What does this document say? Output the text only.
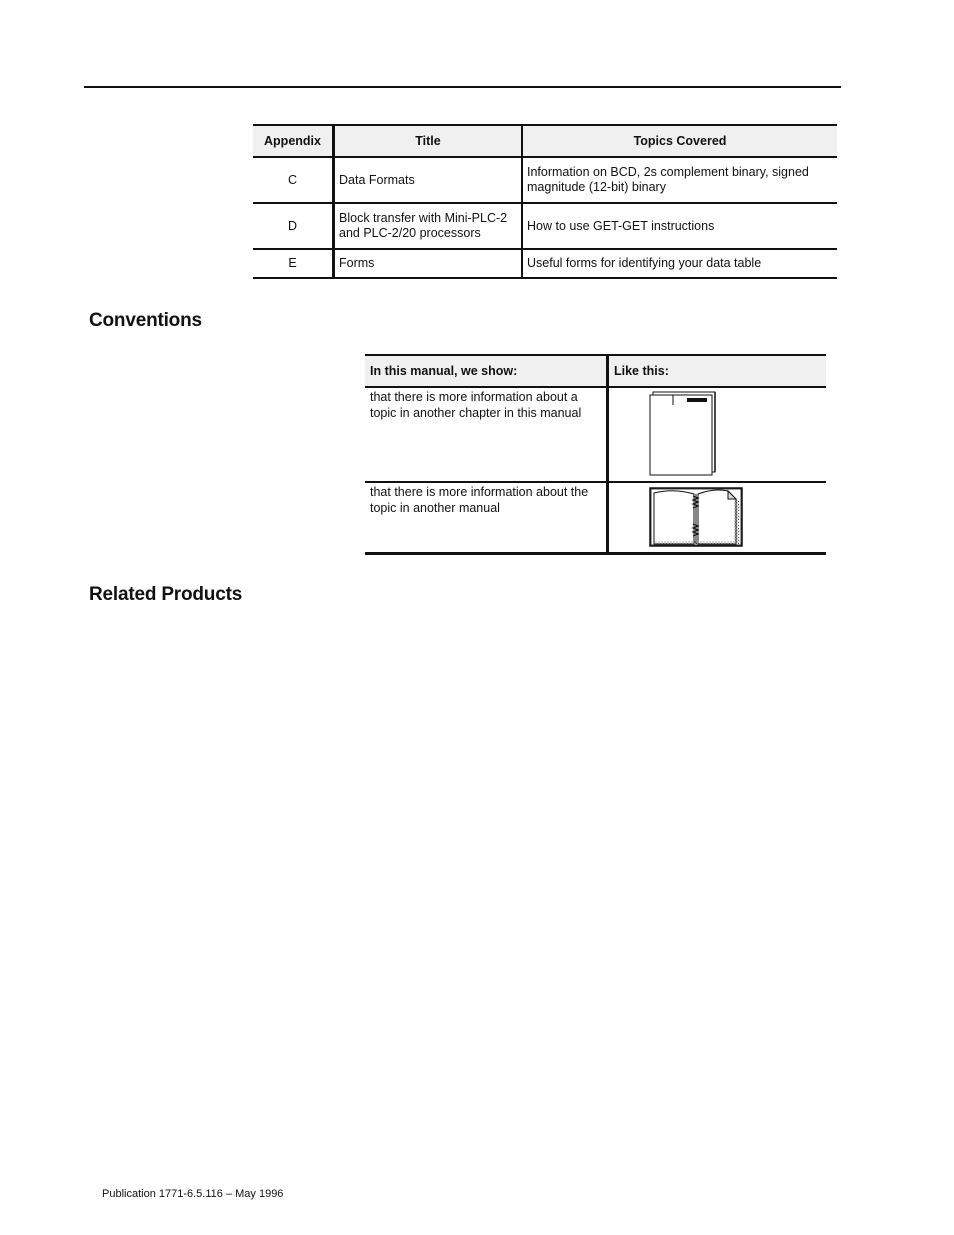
Appendix	Title	Topics Covered
C	Data Formats	Information on BCD, 2s complement binary, signed magnitude (12-bit) binary
D	Block transfer with Mini-PLC-2 and PLC-2/20 processors	How to use GET-GET instructions
E	Forms	Useful forms for identifying your data table
Conventions
In this manual, we show:	Like this:
that there is more information about a topic in another chapter in this manual	

that there is more information about the topic in another manual	
Related Products
Publication 1771-6.5.116 – May 1996
